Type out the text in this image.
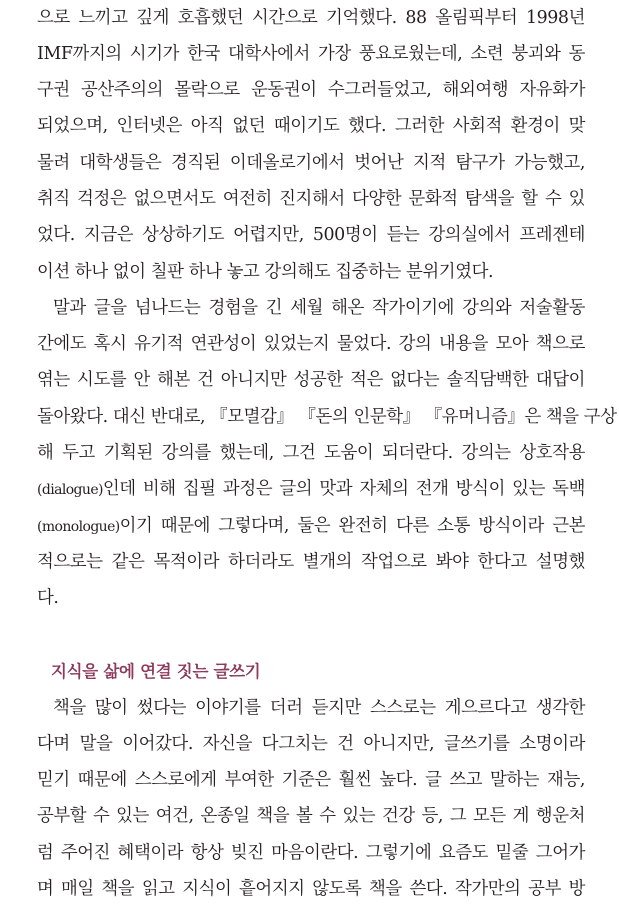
으로 느끼고 깊게 호흡했던 시간으로 기억했다. 88 올림픽부터 1998년
IMF까지의 시기가 한국 대학사에서 가장 풍요로웠는데, 소련 붕괴와 동
구권 공산주의의 몰락으로 운동권이 수그러들었고, 해외여행 자유화가
되었으며, 인터넷은 아직 없던 때이기도 했다. 그러한 사회적 환경이 맞
물려 대학생들은 경직된 이데올로기에서 벗어난 지적 탐구가 가능했고,
취직 걱정은 없으면서도 여전히 진지해서 다양한 문화적 탐색을 할 수 있
었다. 지금은 상상하기도 어렵지만, 500명이 듣는 강의실에서 프레젠테
이션 하나 없이 칠판 하나 놓고 강의해도 집중하는 분위기였다.
말과 글을 넘나드는 경험을 긴 세월 해온 작가이기에 강의와 저술활동
간에도 혹시 유기적 연관성이 있었는지 물었다. 강의 내용을 모아 책으로
엮는 시도를 안 해본 건 아니지만 성공한 적은 없다는 솔직담백한 대답이
돌아왔다. 대신 반대로, 『모멸감』 『돈의 인문학』 『유머니즘』은 책을 구상
해 두고 기획된 강의를 했는데, 그건 도움이 되더란다. 강의는 상호작용
(dialogue)인데 비해 집필 과정은 글의 맛과 자체의 전개 방식이 있는 독백
(monologue)이기 때문에 그렇다며, 둘은 완전히 다른 소통 방식이라 근본
적으로는 같은 목적이라 하더라도 별개의 작업으로 봐야 한다고 설명했
다.
지식을 삶에 연결 짓는 글쓰기
책을 많이 썼다는 이야기를 더러 듣지만 스스로는 게으르다고 생각한
다며 말을 이어갔다. 자신을 다그치는 건 아니지만, 글쓰기를 소명이라
믿기 때문에 스스로에게 부여한 기준은 훨씬 높다. 글 쓰고 말하는 재능,
공부할 수 있는 여건, 온종일 책을 볼 수 있는 건강 등, 그 모든 게 행운처
럼 주어진 혜택이라 항상 빚진 마음이란다. 그렇기에 요즘도 밑줄 그어가
며 매일 책을 읽고 지식이 흩어지지 않도록 책을 쓴다. 작가만의 공부 방
